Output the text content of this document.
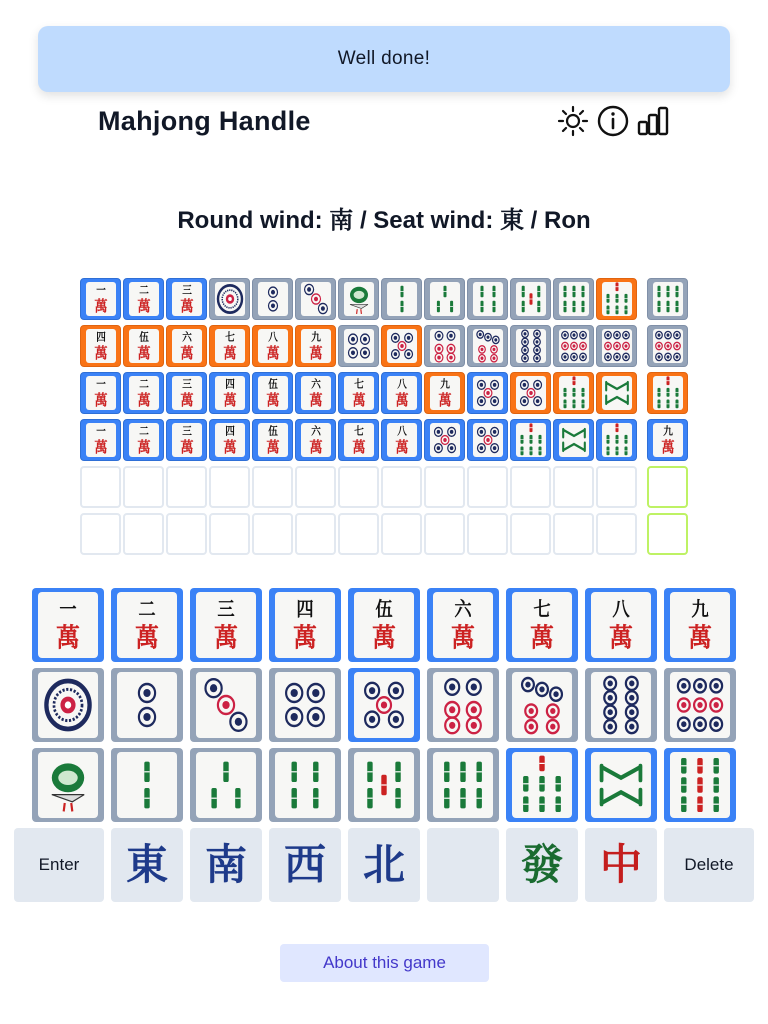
Well done!
Mahjong Handle
Round wind: 南 / Seat wind: 東 / Ron
一
萬
二
萬
三
萬
四
萬
伍
萬
六
萬
七
萬
八
萬
九
萬
一
萬
二
萬
三
萬
四
萬
伍
萬
六
萬
七
萬
八
萬
九
萬
一
萬
二
萬
三
萬
四
萬
伍
萬
六
萬
七
萬
八
萬
九
萬
一
萬
二
萬
三
萬
四
萬
伍
萬
六
萬
七
萬
八
萬
九
萬
Enter	Delete
東 南 西 北	發 中
About this game
